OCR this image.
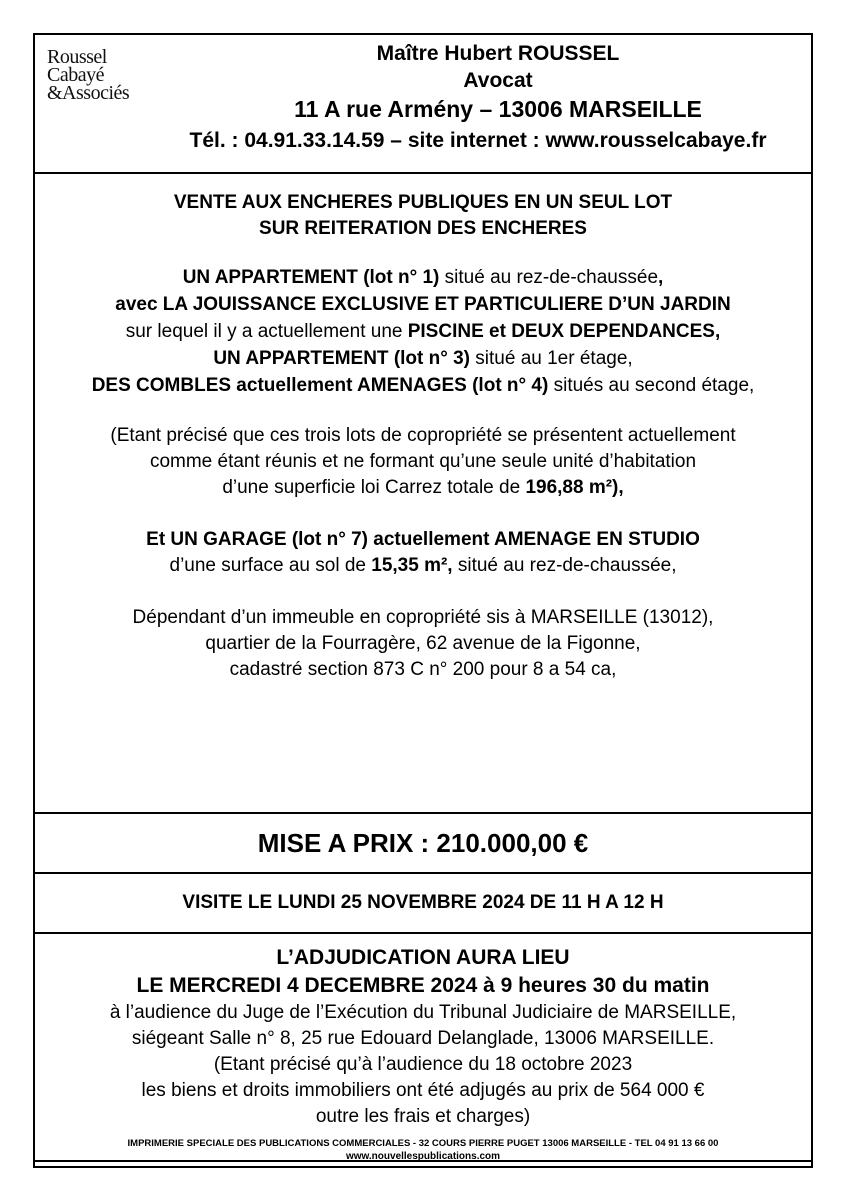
Roussel
Cabayé
&Associés
Maître Hubert ROUSSEL
Avocat
11 A rue Armény – 13006 MARSEILLE
Tél. : 04.91.33.14.59 – site internet : www.rousselcabaye.fr
VENTE AUX ENCHERES PUBLIQUES EN UN SEUL LOT
SUR REITERATION DES ENCHERES
UN APPARTEMENT (lot n° 1) situé au rez-de-chaussée,
avec LA JOUISSANCE EXCLUSIVE ET PARTICULIERE D’UN JARDIN
sur lequel il y a actuellement une PISCINE et DEUX DEPENDANCES,
UN APPARTEMENT (lot n° 3) situé au 1er étage,
DES COMBLES actuellement AMENAGES (lot n° 4) situés au second étage,
(Etant précisé que ces trois lots de copropriété se présentent actuellement
comme étant réunis et ne formant qu’une seule unité d’habitation
d’une superficie loi Carrez totale de 196,88 m²),
Et UN GARAGE (lot n° 7) actuellement AMENAGE EN STUDIO
d’une surface au sol de 15,35 m², situé au rez-de-chaussée,
Dépendant d’un immeuble en copropriété sis à MARSEILLE (13012),
quartier de la Fourragère, 62 avenue de la Figonne,
cadastré section 873 C n° 200 pour 8 a 54 ca,
MISE A PRIX : 210.000,00 €
VISITE LE LUNDI 25 NOVEMBRE 2024 DE 11 H A 12 H
L’ADJUDICATION AURA LIEU
LE MERCREDI 4 DECEMBRE 2024 à 9 heures 30 du matin
à l’audience du Juge de l’Exécution du Tribunal Judiciaire de MARSEILLE,
siégeant Salle n° 8, 25 rue Edouard Delanglade, 13006 MARSEILLE.
(Etant précisé qu’à l’audience du 18 octobre 2023
les biens et droits immobiliers ont été adjugés au prix de 564 000 €
outre les frais et charges)
IMPRIMERIE SPECIALE DES PUBLICATIONS COMMERCIALES - 32 COURS PIERRE PUGET 13006 MARSEILLE - TEL 04 91 13 66 00
www.nouvellespublications.com
